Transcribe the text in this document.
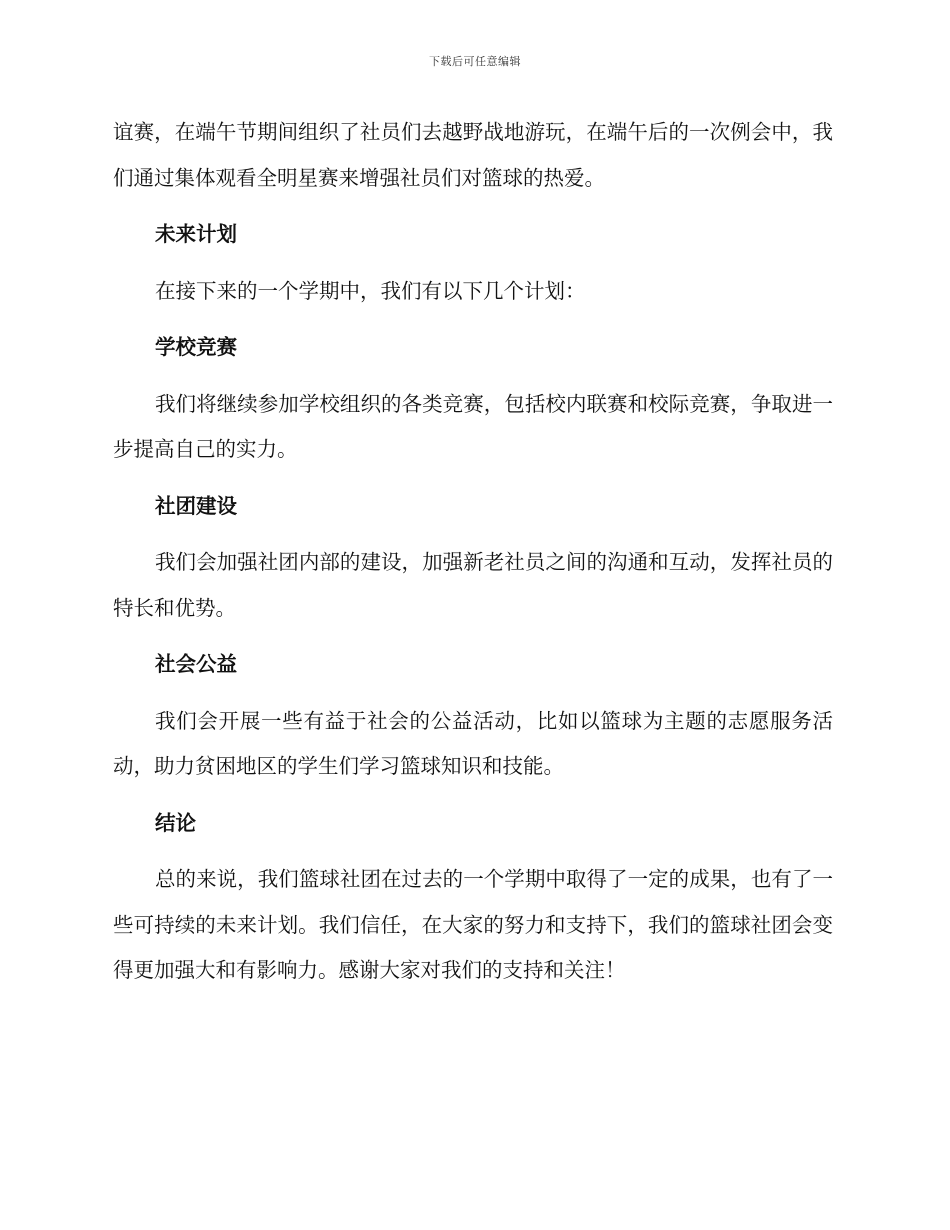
下载后可任意编辑

谊赛，在端午节期间组织了社员们去越野战地游玩，在端午后的一次例会中，我们通过集体观看全明星赛来增强社员们对篮球的热爱。

未来计划

在接下来的一个学期中，我们有以下几个计划：

学校竞赛

我们将继续参加学校组织的各类竞赛，包括校内联赛和校际竞赛，争取进一步提高自己的实力。

社团建设

我们会加强社团内部的建设，加强新老社员之间的沟通和互动，发挥社员的特长和优势。

社会公益

我们会开展一些有益于社会的公益活动，比如以篮球为主题的志愿服务活动，助力贫困地区的学生们学习篮球知识和技能。

结论

总的来说，我们篮球社团在过去的一个学期中取得了一定的成果，也有了一些可持续的未来计划。我们信任，在大家的努力和支持下，我们的篮球社团会变得更加强大和有影响力。感谢大家对我们的支持和关注！
